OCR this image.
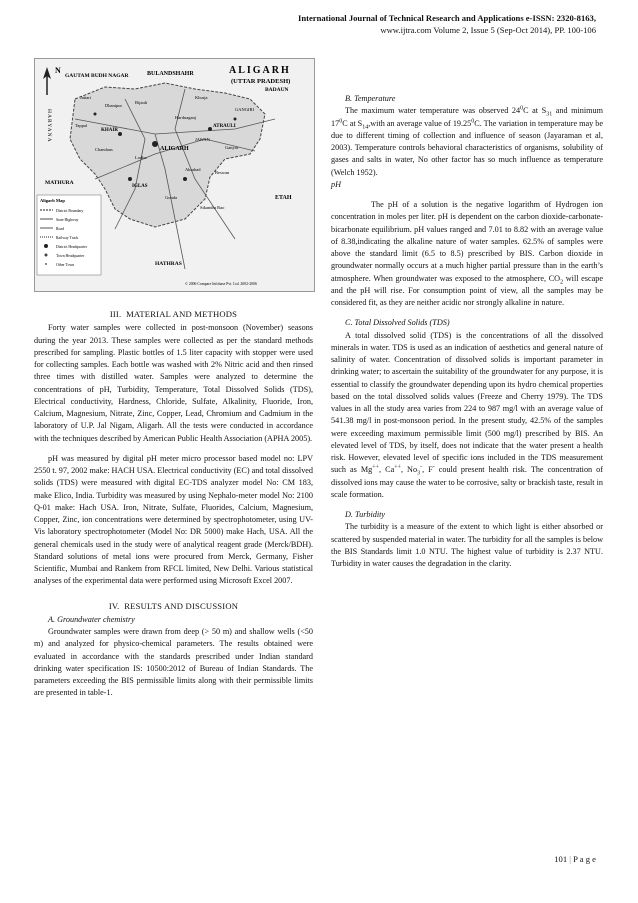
International Journal of Technical Research and Applications e-ISSN: 2320-8163,
www.ijtra.com Volume 2, Issue 5 (Sep-Oct 2014), PP. 100-106
N
HARYANA
GAUTAM BUDH NAGAR	BULANDSHAHR
BADAUN
MATHURA
ETAH
HATHRAS
ALIGARH
KHAIR
IGLAS
ATRAULI
GANGIRI
JAWAN
Chandaus
Tappal
Dhanipur
Akrabad
Lodha
Gonda
Beswan
Harduaganj
Ganyar
Sikandra Rao
Jattari
Bijauli
Khurja
ALIGARH
(UTTAR PRADESH)
Aligarh Map
District Boundary
State Highway
Road
Railway Track
District Headquarter
Town Headquarter
Other Town
© 2006 Compare Infobase Pvt. Ltd. 2002-2006
III. MATERIAL AND METHODS

Forty water samples were collected in post-monsoon (November) seasons during the year 2013. These samples were collected as per the standard methods prescribed for sampling. Plastic bottles of 1.5 liter capacity with stopper were used for collecting samples. Each bottle was washed with 2% Nitric acid and then rinsed three times with distilled water. Samples were analyzed to determine the concentrations of pH, Turbidity, Temperature, Total Dissolved Solids (TDS), Electrical conductivity, Hardness, Chloride, Sulfate, Alkalinity, Fluoride, Iron, Calcium, Magnesium, Nitrate, Zinc, Copper, Lead, Chromium and Cadmium in the laboratory of U.P. Jal Nigam, Aligarh. All the tests were conducted in accordance with the techniques described by American Public Health Association (APHA 2005).

pH was measured by digital pH meter micro processor based model no: LPV 2550 t. 97, 2002 make: HACH USA. Electrical conductivity (EC) and total dissolved solids (TDS) were measured with digital EC-TDS analyzer model No: CM 183, make Elico, India. Turbidity was measured by using Nephalo-meter model No: 2100 Q-01 make: Hach USA. Iron, Nitrate, Sulfate, Fluorides, Calcium, Magnesium, Copper, Zinc, ion concentrations were determined by spectrophotometer, using UV-Vis laboratory spectrophotometer (Model No: DR 5000) make Hach, USA. All the general chemicals used in the study were of analytical reagent grade (Merck/BDH). Standard solutions of metal ions were procured from Merck, Germany, Fisher Scientific, Mumbai and Rankem from RFCL limited, New Delhi. Various statistical analyses of the experimental data were performed using Microsoft Excel 2007.

IV. RESULTS AND DISCUSSION
A. Groundwater chemistry

Groundwater samples were drawn from deep (> 50 m) and shallow wells (<50 m) and analyzed for physico-chemical parameters. The results obtained were evaluated in accordance with the standards prescribed under Indian standard drinking water specification IS: 10500:2012 of Bureau of Indian Standards. The parameters exceeding the BIS permissible limits along with their permissible limits are presented in table-1.

B. Temperature

The maximum water temperature was observed $24^0C$ at $S_{31}$ and minimum $17^0C$ at $S_{14},with$ an average value of 19.25$^0$C. The variation in temperature may be due to different timing of collection and influence of season (Jayaraman et al, 2003). Temperature controls behavioral characteristics of organisms, solubility of gases and salts in water, No other factor has so much influence as temperature (Welch 1952).

pH

The pH of a solution is the negative logarithm of Hydrogen ion concentration in moles per liter. pH is dependent on the carbon dioxide-carbonate-bicarbonate equilibrium. pH values ranged and 7.01 to 8.82 with an average value of 8.38,indicating the alkaline nature of water samples. 62.5% of samples were above the standard limit (6.5 to 8.5) prescribed by BIS. Carbon dioxide in groundwater normally occurs at a much higher partial pressure than in the earth’s atmosphere. When groundwater was exposed to the atmosphere, $CO_2$ will escape and the pH will rise. For consumption point of view, all the samples may be considered fit, as they are neither acidic nor strongly alkaline in nature.

C. Total Dissolved Solids (TDS)

A total dissolved solid (TDS) is the concentrations of all the dissolved minerals in water. TDS is used as an indication of aesthetics and general nature of salinity of water. Concentration of dissolved solids is important parameter in drinking water; to ascertain the suitability of the groundwater for any purpose, it is essential to classify the groundwater depending upon its hydro chemical properties based on the total dissolved solids values (Freeze and Cherry 1979). The TDS values in all the study area varies from 224 to 987 mg/l with an average value of 541.38 mg/l in post-monsoon period. In the present study, 42.5% of the samples were exceeding maximum permissible limit (500 mg/l) prescribed by BIS. An elevated level of TDS, by itself, does not indicate that the water present a health risk. However, elevated level of specific ions included in the TDS measurement such as Mg++, Ca++, $No_3^-$, F- could present health risk. The concentration of dissolved ions may cause the water to be corrosive, salty or brackish taste, result in scale formation.

D. Turbidity

The turbidity is a measure of the extent to which light is either absorbed or scattered by suspended material in water. The turbidity for all the samples is below the BIS Standards limit 1.0 NTU. The highest value of turbidity is 2.37 NTU. Turbidity in water causes the degradation in the clarity.

101 | P a g e
